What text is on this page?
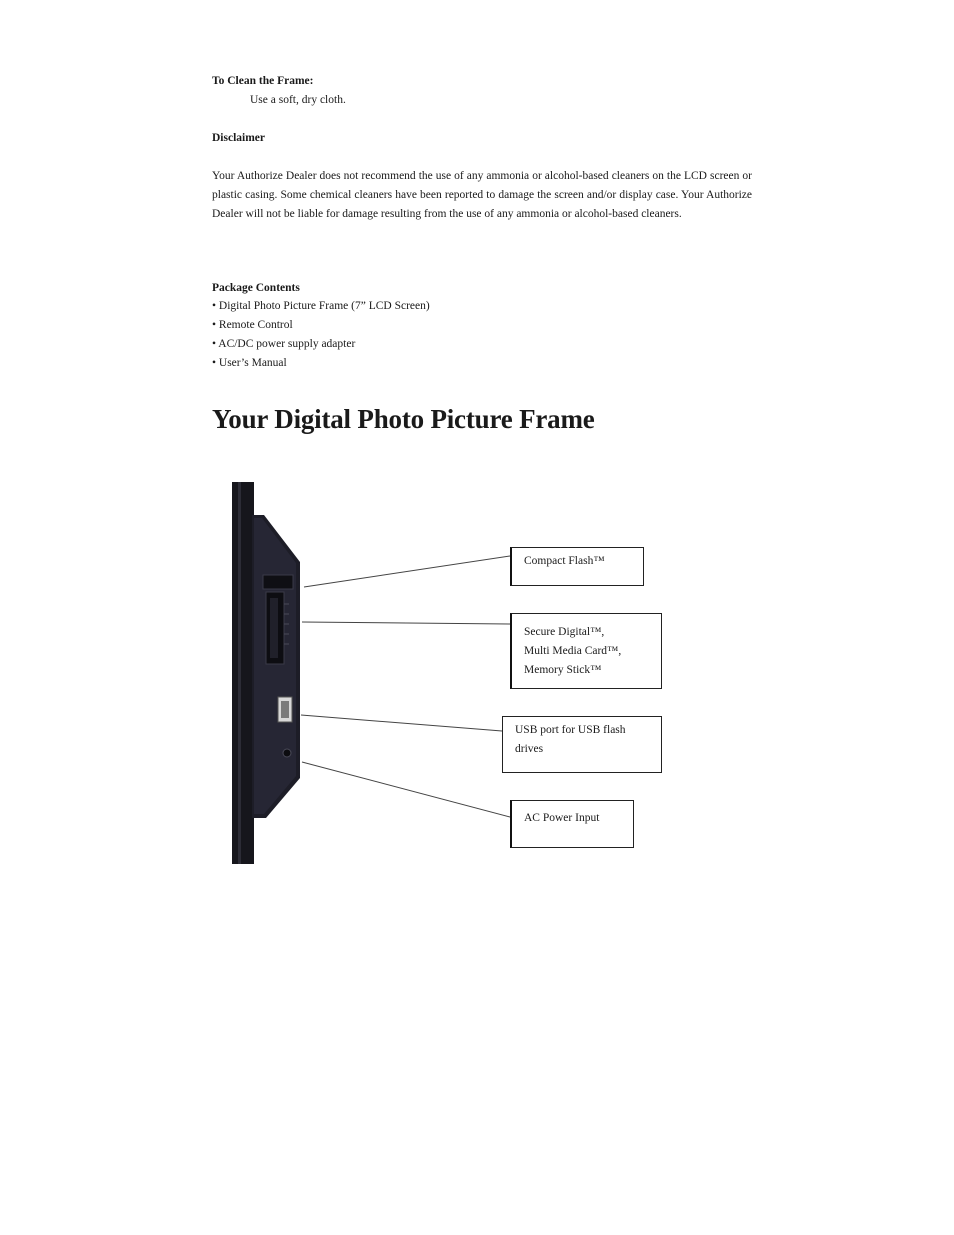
To Clean the Frame:
Use a soft, dry cloth.
Disclaimer
Your Authorize Dealer does not recommend the use of any ammonia or alcohol-based cleaners on the LCD screen or plastic casing. Some chemical cleaners have been reported to damage the screen and/or display case. Your Authorize Dealer will not be liable for damage resulting from the use of any ammonia or alcohol-based cleaners.
Package Contents
• Digital Photo Picture Frame (7” LCD Screen)
• Remote Control
• AC/DC power supply adapter
• User’s Manual
Your Digital Photo Picture Frame
Compact Flash™
Secure Digital™,
Multi Media Card™,
Memory Stick™
USB port for USB flash
drives
AC Power Input
